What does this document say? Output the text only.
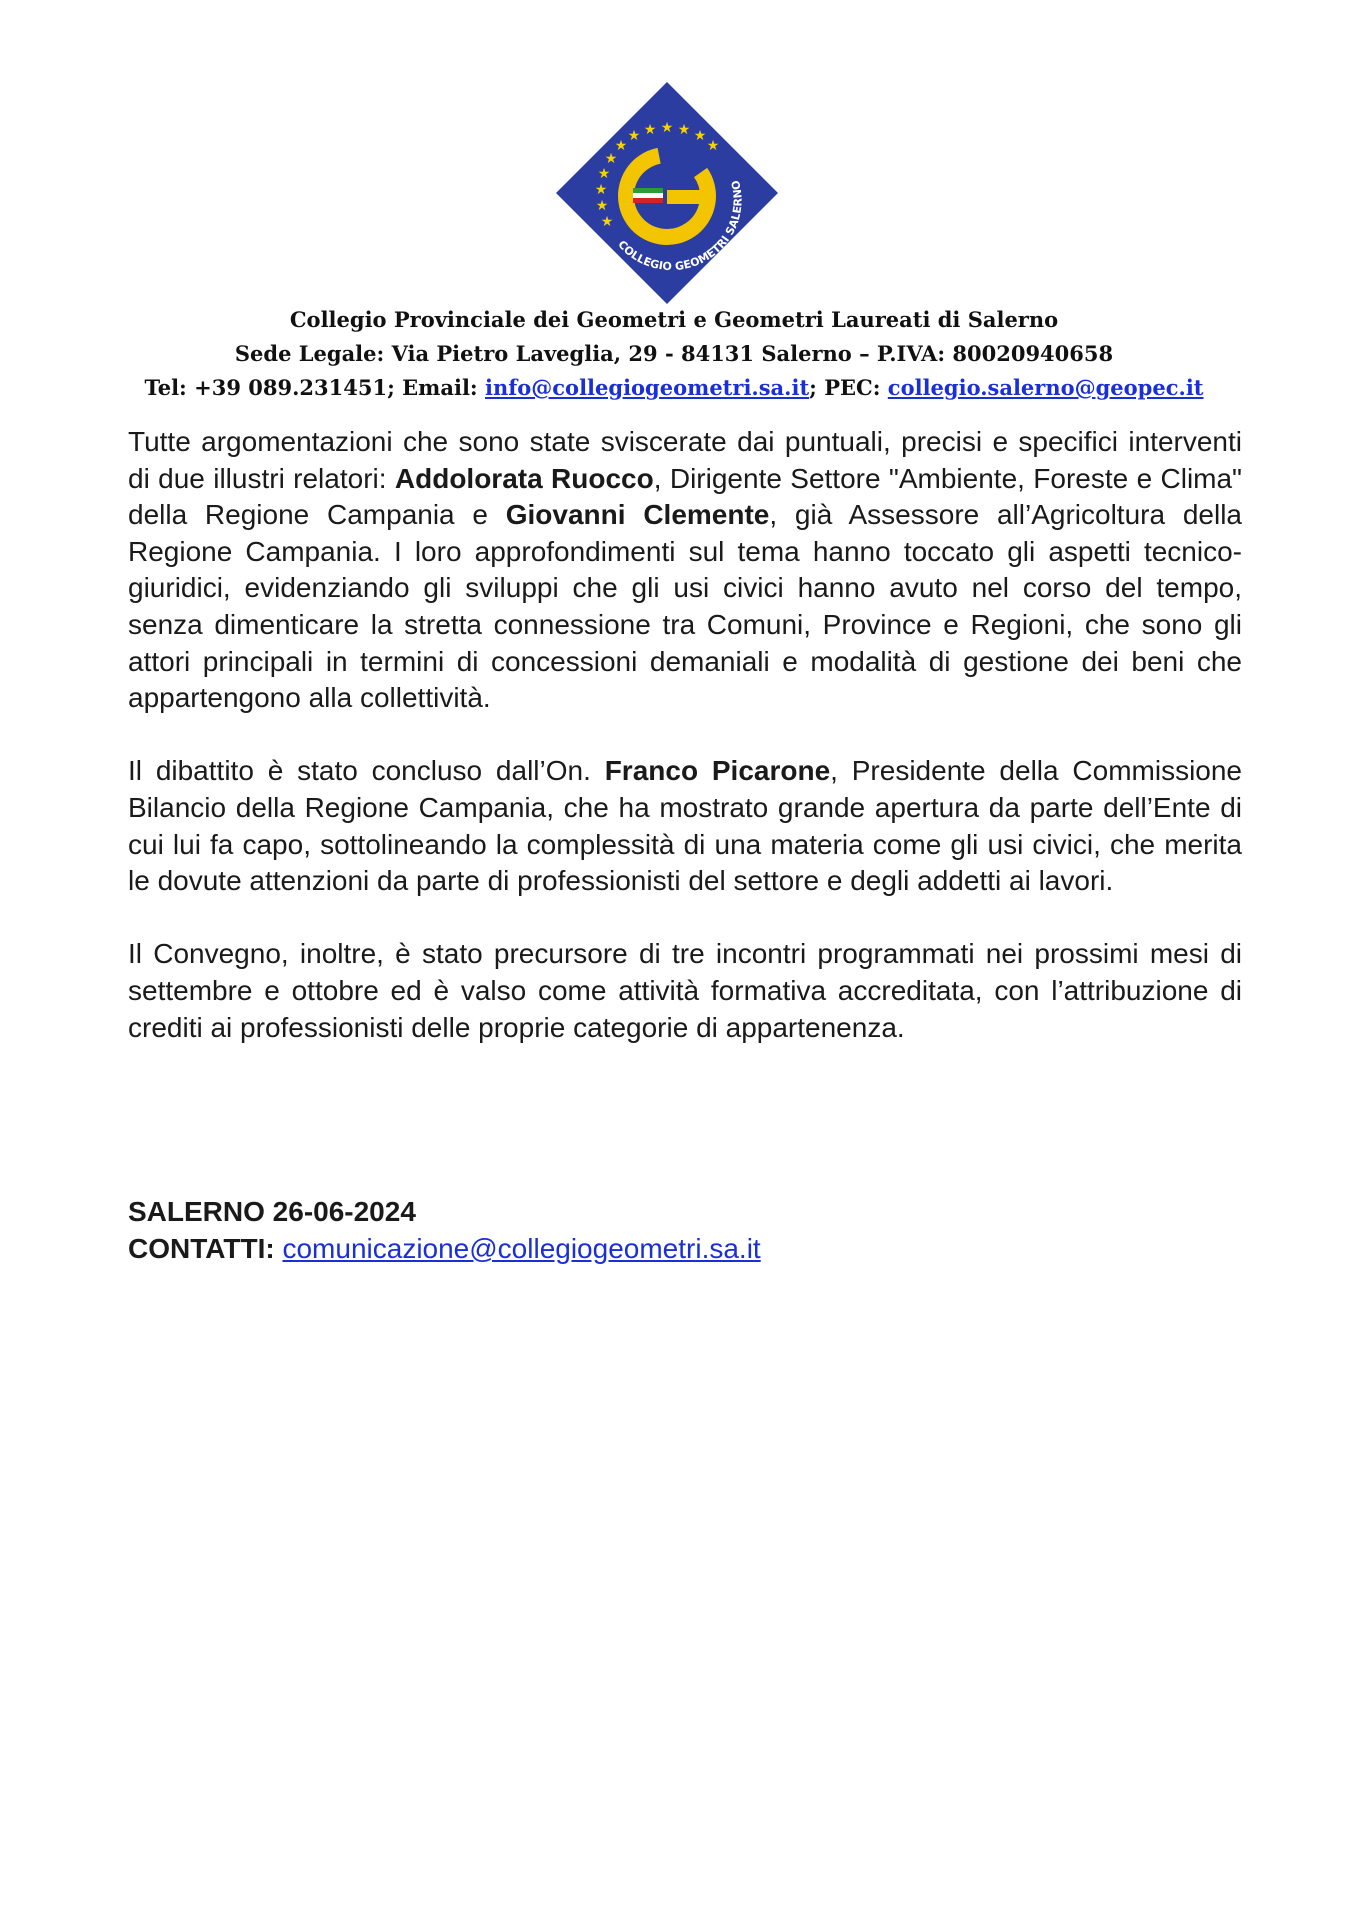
★
★ ★
★	★
★	★
★
★
★
★
★
COLLEGIO GEOMETRI SALERNO
Collegio Provinciale dei Geometri e Geometri Laureati di Salerno
Sede Legale: Via Pietro Laveglia, 29 - 84131 Salerno – P.IVA: 80020940658
Tel: +39 089.231451; Email: info@collegiogeometri.sa.it; PEC: collegio.salerno@geopec.it

Tutte argomentazioni che sono state sviscerate dai puntuali, precisi e specifici interventi di due illustri relatori: Addolorata Ruocco, Dirigente Settore "Ambiente, Foreste e Clima" della Regione Campania e Giovanni Clemente, già Assessore all’Agricoltura della Regione Campania. I loro approfondimenti sul tema hanno toccato gli aspetti tecnico-giuridici, evidenziando gli sviluppi che gli usi civici hanno avuto nel corso del tempo, senza dimenticare la stretta connessione tra Comuni, Province e Regioni, che sono gli attori principali in termini di concessioni demaniali e modalità di gestione dei beni che appartengono alla collettività.

Il dibattito è stato concluso dall’On. Franco Picarone, Presidente della Commissione Bilancio della Regione Campania, che ha mostrato grande apertura da parte dell’Ente di cui lui fa capo, sottolineando la complessità di una materia come gli usi civici, che merita le dovute attenzioni da parte di professionisti del settore e degli addetti ai lavori.

Il Convegno, inoltre, è stato precursore di tre incontri programmati nei prossimi mesi di settembre e ottobre ed è valso come attività formativa accreditata, con l’attribuzione di crediti ai professionisti delle proprie categorie di appartenenza.

SALERNO 26-06-2024
CONTATTI: comunicazione@collegiogeometri.sa.it
